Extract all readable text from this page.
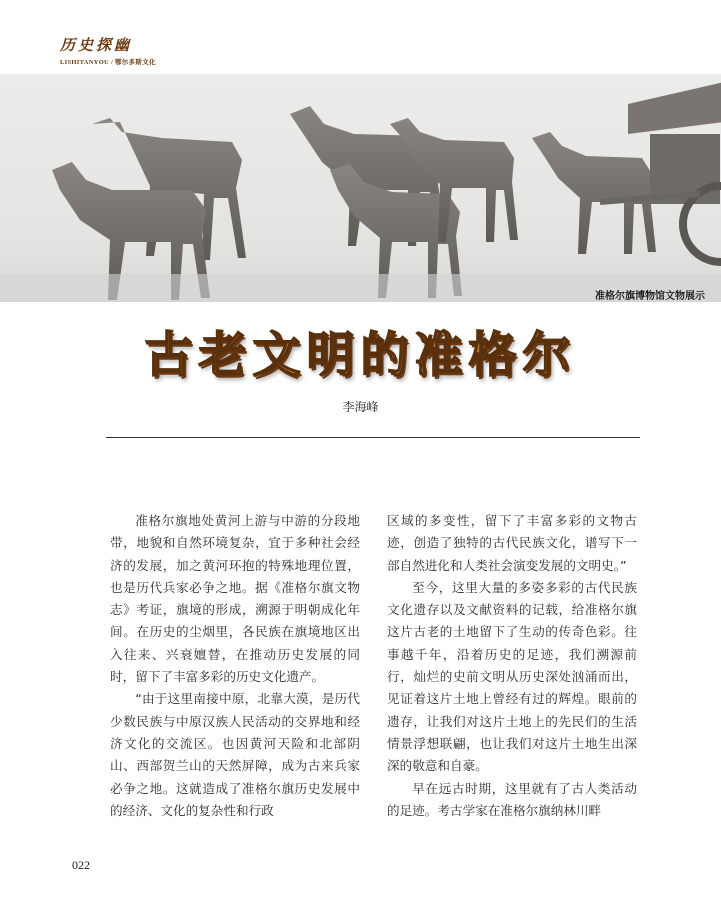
历史探幽
LISHITANYOU / 鄂尔多斯文化
准格尔旗博物馆文物展示
古老文明的准格尔
李海峰

准格尔旗地处黄河上游与中游的分段地带，地貌和自然环境复杂，宜于多种社会经济的发展，加之黄河环抱的特殊地理位置，也是历代兵家必争之地。据《准格尔旗文物志》考证，旗境的形成，溯源于明朝成化年间。在历史的尘烟里，各民族在旗境地区出入往来、兴衰嬗替，在推动历史发展的同时，留下了丰富多彩的历史文化遗产。

“由于这里南接中原，北靠大漠，是历代少数民族与中原汉族人民活动的交界地和经济文化的交流区。也因黄河天险和北部阴山、西部贺兰山的天然屏障，成为古来兵家必争之地。这就造成了准格尔旗历史发展中的经济、文化的复杂性和行政

区域的多变性，留下了丰富多彩的文物古迹，创造了独特的古代民族文化，谱写下一部自然进化和人类社会演变发展的文明史。”

至今，这里大量的多姿多彩的古代民族文化遗存以及文献资料的记载，给准格尔旗这片古老的土地留下了生动的传奇色彩。往事越千年，沿着历史的足迹，我们溯源前行，灿烂的史前文明从历史深处汹涌而出，见证着这片土地上曾经有过的辉煌。眼前的遗存，让我们对这片土地上的先民们的生活情景浮想联翩，也让我们对这片土地生出深深的敬意和自豪。

早在远古时期，这里就有了古人类活动的足迹。考古学家在准格尔旗纳林川畔

022
